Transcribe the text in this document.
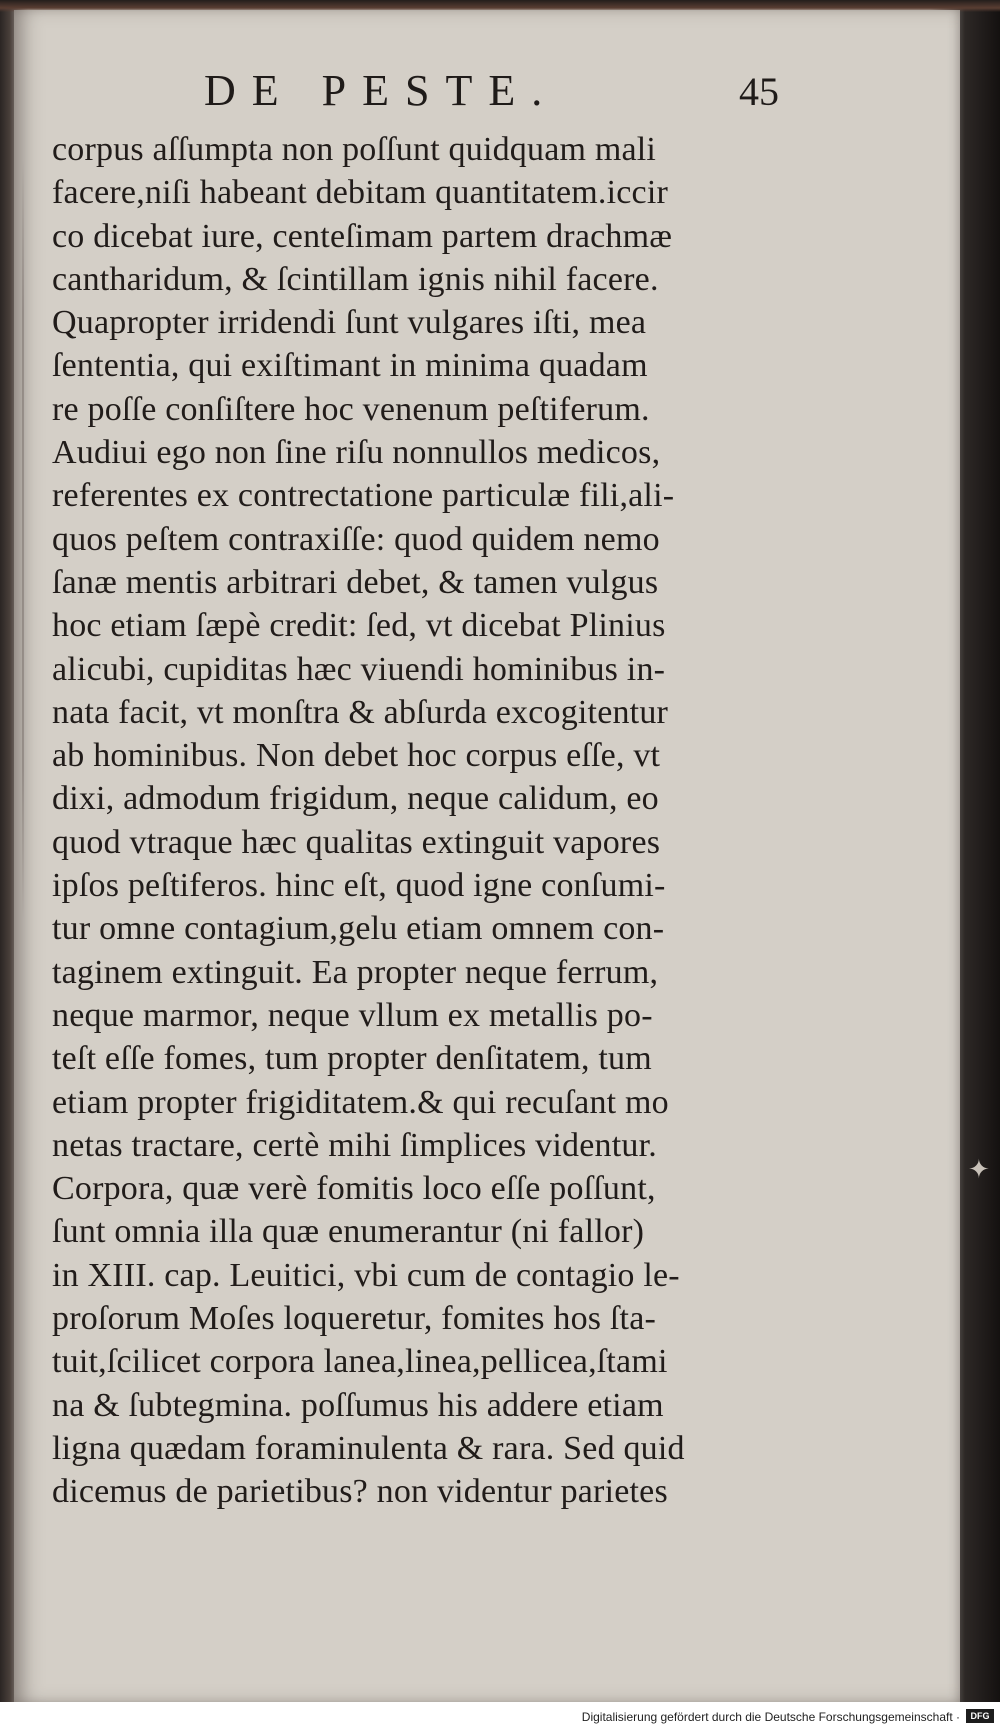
DE PESTE.	45
corpus aſſumpta non poſſunt quidquam mali
facere,niſi habeant debitam quantitatem.iccir
co dicebat iure, centeſimam partem drachmæ
cantharidum, & ſcintillam ignis nihil facere.
Quapropter irridendi ſunt vulgares iſti, mea
ſententia, qui exiſtimant in minima quadam
re poſſe conſiſtere hoc venenum peſtiferum.
Audiui ego non ſine riſu nonnullos medicos,
referentes ex contrectatione particulæ fili,ali-
quos peſtem contraxiſſe: quod quidem nemo
ſanæ mentis arbitrari debet, & tamen vulgus
hoc etiam ſæpè credit: ſed, vt dicebat Plinius
alicubi, cupiditas hæc viuendi hominibus in-
nata facit, vt monſtra & abſurda excogitentur
ab hominibus. Non debet hoc corpus eſſe, vt
dixi, admodum frigidum, neque calidum, eo
quod vtraque hæc qualitas extinguit vapores
ipſos peſtiferos. hinc eſt, quod igne conſumi-
tur omne contagium,gelu etiam omnem con-
taginem extinguit. Ea propter neque ferrum,
neque marmor, neque vllum ex metallis po-
teſt eſſe fomes, tum propter denſitatem, tum
etiam propter frigiditatem.& qui recuſant mo
netas tractare, certè mihi ſimplices videntur.
Corpora, quæ verè fomitis loco eſſe poſſunt,
ſunt omnia illa quæ enumerantur (ni fallor)
in XIII. cap. Leuitici, vbi cum de contagio le-
proſorum Moſes loqueretur, fomites hos ſta-
tuit,ſcilicet corpora lanea,linea,pellicea,ſtami
na & ſubtegmina. poſſumus his addere etiam
ligna quædam foraminulenta & rara. Sed quid
dicemus de parietibus? non videntur parietes
✦
Digitalisierung gefördert durch die Deutsche Forschungsgemeinschaft ·	DFG
